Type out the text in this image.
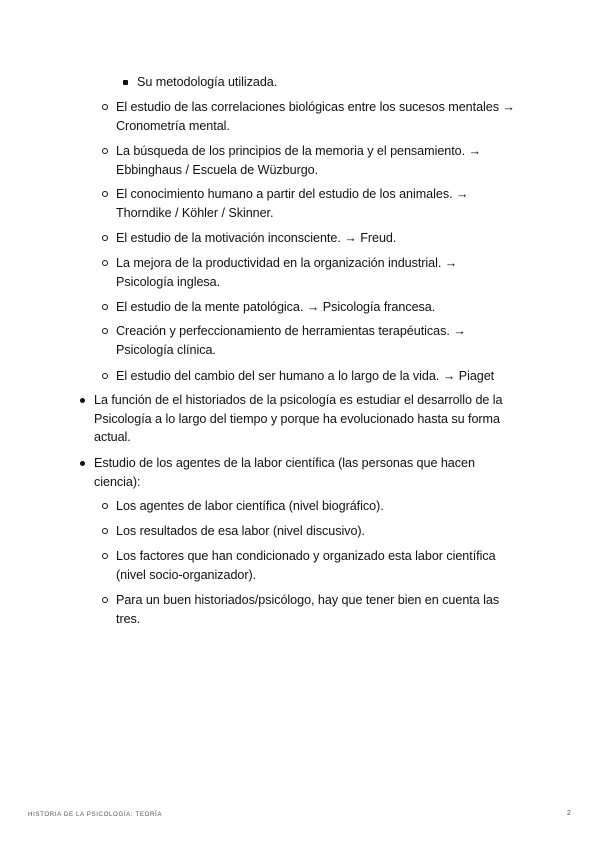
Su metodología utilizada.
El estudio de las correlaciones biológicas entre los sucesos mentales →
Cronometría mental.
La búsqueda de los principios de la memoria y el pensamiento. →
Ebbinghaus / Escuela de Wüzburgo.
El conocimiento humano a partir del estudio de los animales. →
Thorndike / Köhler / Skinner.
El estudio de la motivación inconsciente. → Freud.
La mejora de la productividad en la organización industrial. →
Psicología inglesa.
El estudio de la mente patológica. → Psicología francesa.
Creación y perfeccionamiento de herramientas terapéuticas. →
Psicología clínica.
El estudio del cambio del ser humano a lo largo de la vida. → Piaget
La función de el historiados de la psicología es estudiar el desarrollo de la
Psicología a lo largo del tiempo y porque ha evolucionado hasta su forma
actual.
Estudio de los agentes de la labor científica (las personas que hacen
ciencia):
Los agentes de labor científica (nivel biográfico).
Los resultados de esa labor (nivel discusivo).
Los factores que han condicionado y organizado esta labor científica
(nivel socio-organizador).
Para un buen historiados/psicólogo, hay que tener bien en cuenta las
tres.
HISTORIA DE LA PSICOLOGÍA: TEORÍA	2
